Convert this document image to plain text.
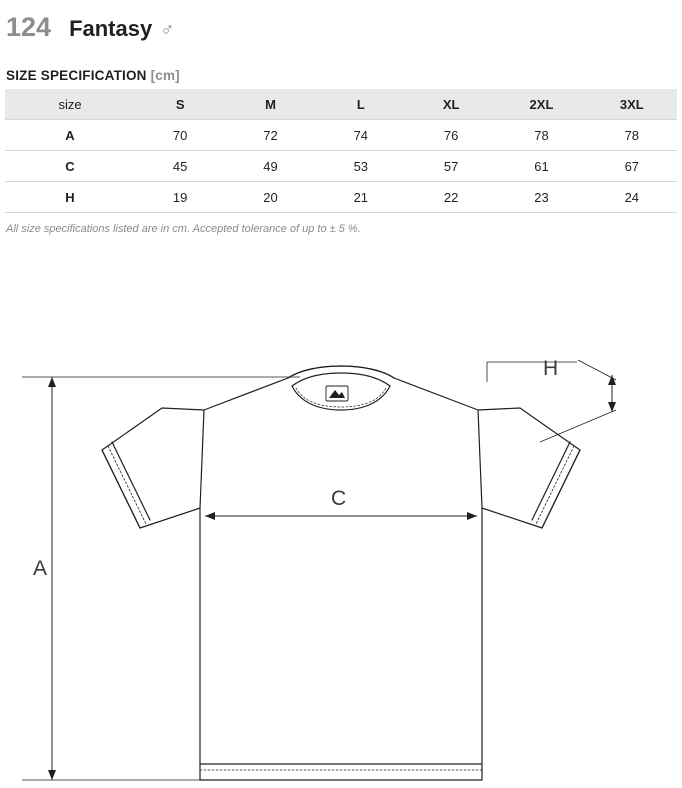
124 Fantasy ♂
SIZE SPECIFICATION [cm]
size	S	M	L	XL	2XL	3XL
A	70	72	74	76	78	78
C	45	49	53	57	61	67
H	19	20	21	22	23	24
All size specifications listed are in cm. Accepted tolerance of up to ± 5 %.
A
C
H
